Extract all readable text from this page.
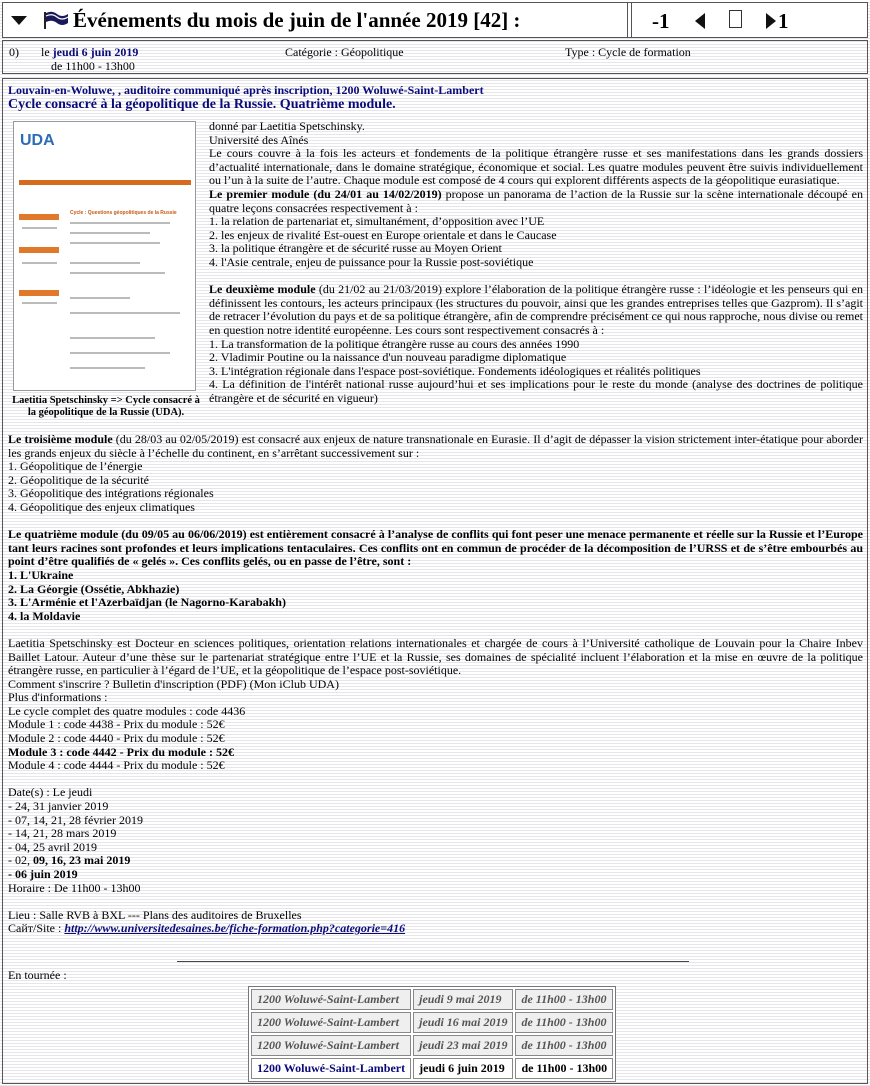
Événements du mois de juin de l'année 2019 [42] :	-1	1
0) le jeudi 6 juin 2019
de 11h00 - 13h00
Catégorie : Géopolitique	Type : Cycle de formation
Louvain-en-Woluwe, , auditoire communiqué après inscription, 1200 Woluwé-Saint-Lambert
Cycle consacré à la géopolitique de la Russie. Quatrième module.
UDA
Cycle : Questions géopolitiques de la Russie
Laetitia Spetschinsky => Cycle consacré à la géopolitique de la Russie (UDA).

donné par Laetitia Spetschinsky.

Université des Aînés

Le cours couvre à la fois les acteurs et fondements de la politique étrangère russe et ses manifestations dans les grands dossiers d’actualité internationale, dans le domaine stratégique, économique et social. Les quatre modules peuvent être suivis individuellement ou l’un à la suite de l’autre. Chaque module est composé de 4 cours qui explorent différents aspects de la géopolitique eurasiatique.

Le premier module (du 24/01 au 14/02/2019) propose un panorama de l’action de la Russie sur la scène internationale découpé en quatre leçons consacrées respectivement à :

1. la relation de partenariat et, simultanément, d’opposition avec l’UE

2. les enjeux de rivalité Est-ouest en Europe orientale et dans le Caucase

3. la politique étrangère et de sécurité russe au Moyen Orient

4. l'Asie centrale, enjeu de puissance pour la Russie post-soviétique

Le deuxième module (du 21/02 au 21/03/2019) explore l’élaboration de la politique étrangère russe : l’idéologie et les penseurs qui en définissent les contours, les acteurs principaux (les structures du pouvoir, ainsi que les grandes entreprises telles que Gazprom). Il s’agit de retracer l’évolution du pays et de sa politique étrangère, afin de comprendre précisément ce qui nous rapproche, nous divise ou remet en question notre identité européenne. Les cours sont respectivement consacrés à :

1. La transformation de la politique étrangère russe au cours des années 1990

2. Vladimir Poutine ou la naissance d'un nouveau paradigme diplomatique

3. L'intégration régionale dans l'espace post-soviétique. Fondements idéologiques et réalités politiques

4. La définition de l'intérêt national russe aujourd’hui et ses implications pour le reste du monde (analyse des doctrines de politique étrangère et de sécurité en vigueur)

Le troisième module (du 28/03 au 02/05/2019) est consacré aux enjeux de nature transnationale en Eurasie. Il d’agit de dépasser la vision strictement inter-étatique pour aborder les grands enjeux du siècle à l’échelle du continent, en s’arrêtant successivement sur :

1. Géopolitique de l’énergie

2. Géopolitique de la sécurité

3. Géopolitique des intégrations régionales

4. Géopolitique des enjeux climatiques

Le quatrième module (du 09/05 au 06/06/2019) est entièrement consacré à l’analyse de conflits qui font peser une menace permanente et réelle sur la Russie et l’Europe tant leurs racines sont profondes et leurs implications tentaculaires. Ces conflits ont en commun de procéder de la décomposition de l’URSS et de s’être embourbés au point d’être qualifiés de « gelés ». Ces conflits gelés, ou en passe de l’être, sont :

1. L'Ukraine

2. La Géorgie (Ossétie, Abkhazie)

3. L'Arménie et l'Azerbaïdjan (le Nagorno-Karabakh)

4. la Moldavie

Laetitia Spetschinsky est Docteur en sciences politiques, orientation relations internationales et chargée de cours à l’Université catholique de Louvain pour la Chaire Inbev Baillet Latour. Auteur d’une thèse sur le partenariat stratégique entre l’UE et la Russie, ses domaines de spécialité incluent l’élaboration et la mise en œuvre de la politique étrangère russe, en particulier à l’égard de l’UE, et la géopolitique de l’espace post-soviétique.

Comment s'inscrire ? Bulletin d'inscription (PDF) (Mon iClub UDA)

Plus d'informations :

Le cycle complet des quatre modules : code 4436

Module 1 : code 4438 - Prix du module : 52€

Module 2 : code 4440 - Prix du module : 52€

Module 3 : code 4442 - Prix du module : 52€

Module 4 : code 4444 - Prix du module : 52€

Date(s) : Le jeudi

- 24, 31 janvier 2019

- 07, 14, 21, 28 février 2019

- 14, 21, 28 mars 2019

- 04, 25 avril 2019

- 02, 09, 16, 23 mai 2019

- 06 juin 2019

Horaire : De 11h00 - 13h00

Lieu : Salle RVB à BXL --- Plans des auditoires de Bruxelles

Сайт/Site : http://www.universitedesaines.be/fiche-formation.php?categorie=416

En tournée :
1200 Woluwé-Saint-Lambert	jeudi 9 mai 2019	de 11h00 - 13h00
1200 Woluwé-Saint-Lambert	jeudi 16 mai 2019	de 11h00 - 13h00
1200 Woluwé-Saint-Lambert	jeudi 23 mai 2019	de 11h00 - 13h00
1200 Woluwé-Saint-Lambert	jeudi 6 juin 2019	de 11h00 - 13h00
